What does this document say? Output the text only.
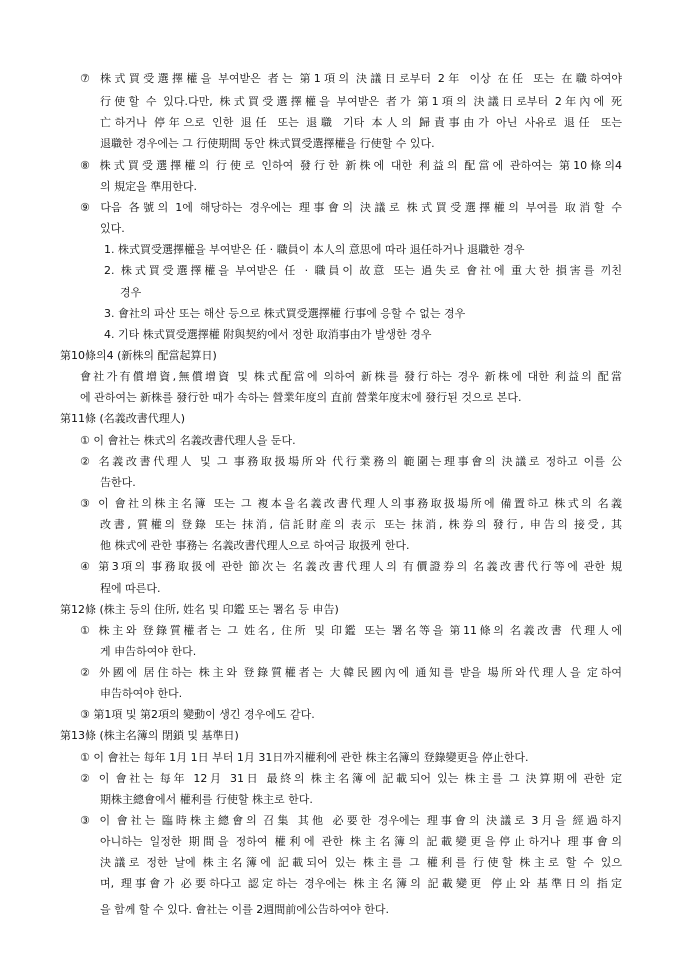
⑦ 株式買受選擇權을 부여받은 者는 第1項의 決議日로부터 2年 이상 在任 또는 在職하여야
行使할 수 있다.다만, 株式買受選擇權을 부여받은 者가 第1項의 決議日로부터 2年內에 死
亡하거나 停年으로 인한 退任 또는 退職 기타 本人의 歸責事由가 아닌 사유로 退任 또는
退職한 경우에는 그 行使期間 동안 株式買受選擇權을 行使할 수 있다.
⑧ 株式買受選擇權의 行使로 인하여 發行한 新株에 대한 利益의 配當에 관하여는 第10條의4
의 規定을 準用한다.
⑨ 다음 各號의 1에 해당하는 경우에는 理事會의 決議로 株式買受選擇權의 부여를 取消할 수
있다.
1. 株式買受選擇權을 부여받은 任 · 職員이 本人의 意思에 따라 退任하거나 退職한 경우
2. 株式買受選擇權을 부여받은 任 · 職員이 故意 또는 過失로 會社에 重大한 損害를 끼친
경우
3. 會社의 파산 또는 해산 등으로 株式買受選擇權 行事에 응할 수 없는 경우
4. 기타 株式買受選擇權 附與契約에서 정한 取消事由가 발생한 경우
第10條의4 (新株의 配當起算日)
會社가有償增資,無償增資 및 株式配當에 의하여 新株를 發行하는 경우 新株에 대한 利益의 配當
에 관하여는 新株를 發行한 때가 속하는 營業年度의 直前 營業年度末에 發行된 것으로 본다.
第11條 (名義改書代理人)
① 이 會社는 株式의 名義改書代理人을 둔다.
② 名義改書代理人 및 그 事務取扱場所와 代行業務의 範圍는理事會의 決議로 정하고 이를 公
告한다.
③ 이 會社의株主名簿 또는 그 複本을名義改書代理人의事務取扱場所에 備置하고 株式의 名義
改書, 質權의 登錄 또는 抹消, 信託財産의 表示 또는 抹消, 株券의 發行, 申告의 接受, 其
他 株式에 관한 事務는 名義改書代理人으로 하여금 取扱케 한다.
④ 第3項의 事務取扱에 관한 節次는 名義改書代理人의 有價證券의 名義改書代行等에 관한 規
程에 따른다.
第12條 (株主 등의 住所, 姓名 및 印鑑 또는 署名 등 申告)
① 株主와 登錄質權者는 그 姓名, 住所 및 印鑑 또는 署名等을 第11條의 名義改書 代理人에
게 申告하여야 한다.
② 外國에 居住하는 株主와 登錄質權者는 大韓民國內에 通知를 받을 場所와代理人을 定하여
申告하여야 한다.
③ 第1項 및 第2項의 變動이 생긴 경우에도 같다.
第13條 (株主名簿의 閉鎖 및 基準日)
① 이 會社는 每年 1月 1日 부터 1月 31日까지權利에 관한 株主名簿의 登錄變更을 停止한다.
② 이 會社는 每年 12月 31日 最終의 株主名簿에 記載되어 있는 株主를 그 決算期에 관한 定
期株主總會에서 權利를 行使할 株主로 한다.
③ 이 會社는 臨時株主總會의 召集 其他 必要한 경우에는 理事會의 決議로 3月을 經過하지
아니하는 일정한 期間을 정하여 權利에 관한 株主名簿의 記載變更을停止하거나 理事會의
決議로 정한 날에 株主名簿에 記載되어 있는 株主를 그 權利를 行使할 株主로 할 수 있으
며, 理事會가 必要하다고 認定하는 경우에는 株主名簿의 記載變更 停止와 基準日의 指定
을 함께 할 수 있다. 會社는 이를 2週間前에公告하여야 한다.
